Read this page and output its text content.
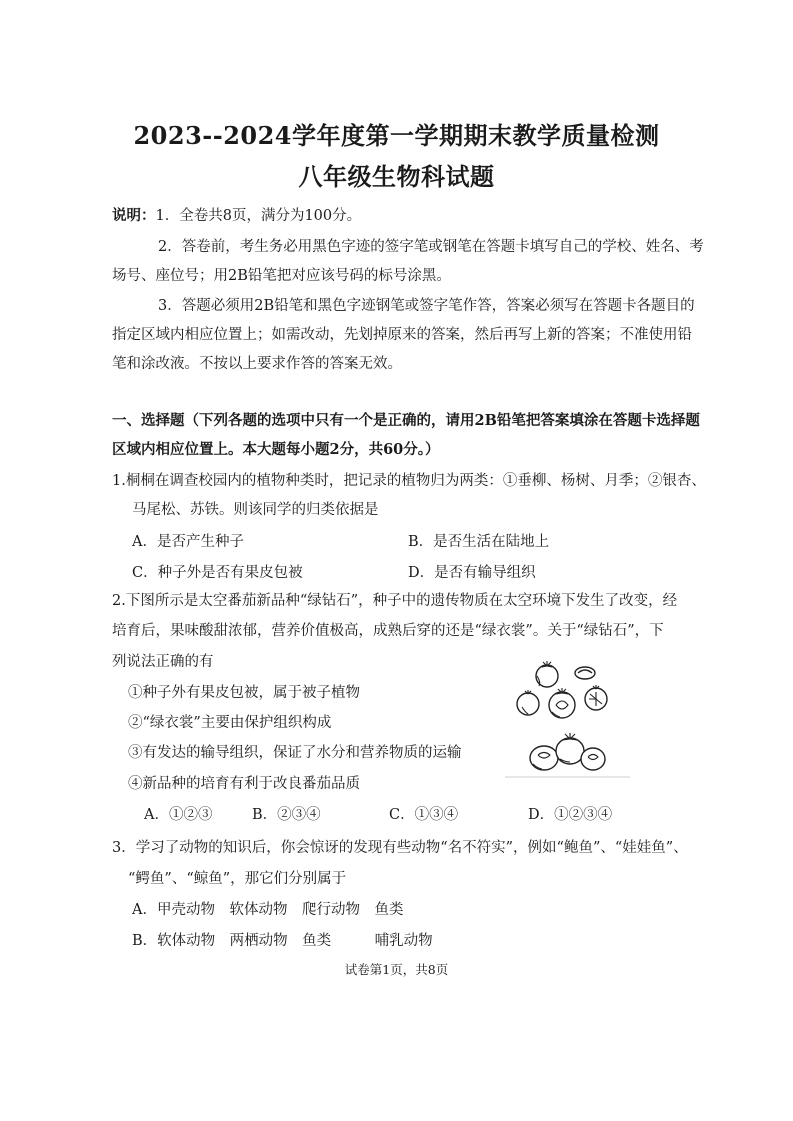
2023--2024学年度第一学期期末教学质量检测
八年级生物科试题
说明：1．全卷共8页，满分为100分。
2．答卷前，考生务必用黑色字迹的签字笔或钢笔在答题卡填写自己的学校、姓名、考
场号、座位号；用2B铅笔把对应该号码的标号涂黑。
3．答题必须用2B铅笔和黑色字迹钢笔或签字笔作答，答案必须写在答题卡各题目的
指定区域内相应位置上；如需改动，先划掉原来的答案，然后再写上新的答案；不准使用铅
笔和涂改液。不按以上要求作答的答案无效。
一、选择题（下列各题的选项中只有一个是正确的，请用2B铅笔把答案填涂在答题卡选择题
区域内相应位置上。本大题每小题2分，共60分。）
1.桐桐在调查校园内的植物种类时，把记录的植物归为两类：①垂柳、杨树、月季；②银杏、
马尾松、苏铁。则该同学的归类依据是
A．是否产生种子	B．是否生活在陆地上
C．种子外是否有果皮包被	D．是否有输导组织
2.下图所示是太空番茄新品种“绿钻石”，种子中的遗传物质在太空环境下发生了改变，经
培育后，果味酸甜浓郁，营养价值极高，成熟后穿的还是“绿衣裳”。关于“绿钻石”，下
列说法正确的有
①种子外有果皮包被，属于被子植物
②“绿衣裳”主要由保护组织构成
③有发达的输导组织，保证了水分和营养物质的运输
④新品种的培育有利于改良番茄品质
A．①②③	B．②③④	C．①③④	D．①②③④
3．学习了动物的知识后，你会惊讶的发现有些动物“名不符实”，例如“鲍鱼”、“娃娃鱼”、
“鳄鱼”、“鲸鱼”，那它们分别属于
A．甲壳动物　软体动物　爬行动物　鱼类
B．软体动物　两栖动物　鱼类　　　哺乳动物
试卷第1页，共8页
